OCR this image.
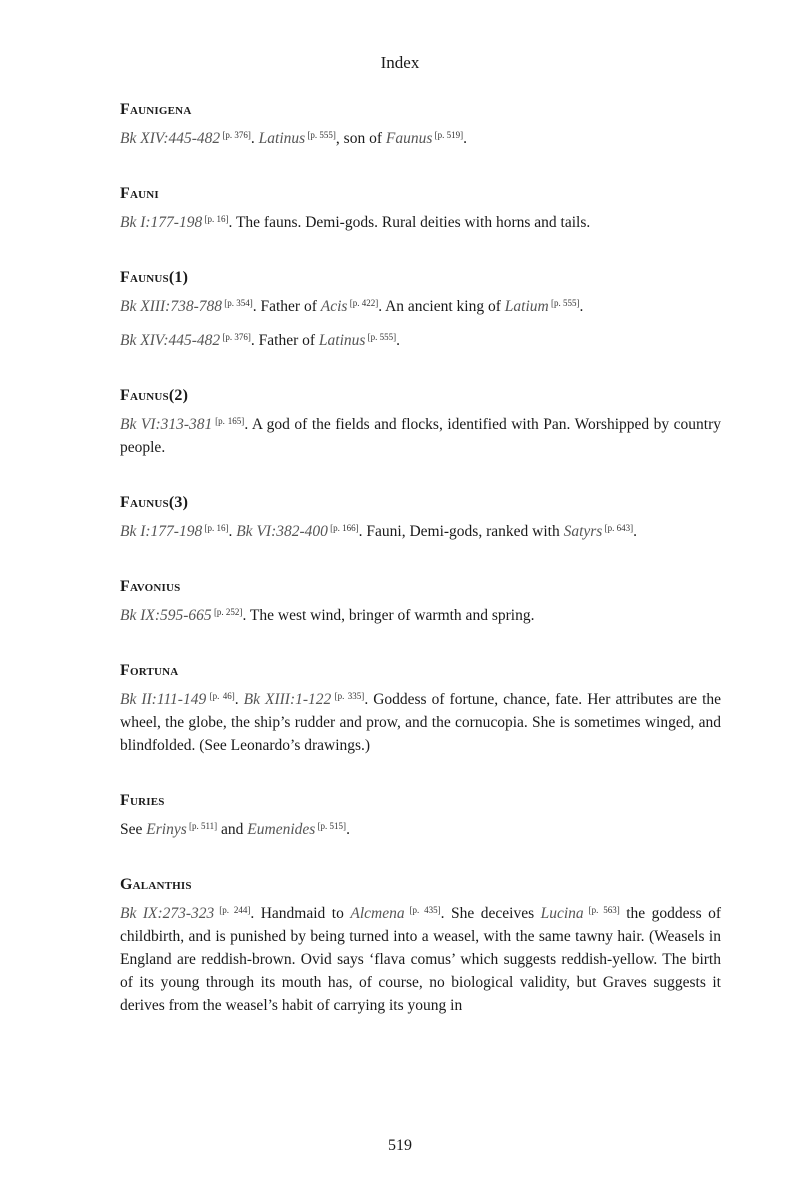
Index
Faunigena

Bk XIV:445-482 [p. 376]. Latinus [p. 555], son of Faunus [p. 519].

Fauni

Bk I:177-198 [p. 16]. The fauns. Demi-gods. Rural deities with horns and tails.

Faunus(1)

Bk XIII:738-788 [p. 354]. Father of Acis [p. 422]. An ancient king of Latium [p. 555].

Bk XIV:445-482 [p. 376]. Father of Latinus [p. 555].

Faunus(2)

Bk VI:313-381 [p. 165]. A god of the fields and flocks, identified with Pan. Worshipped by country people.

Faunus(3)

Bk I:177-198 [p. 16]. Bk VI:382-400 [p. 166]. Fauni, Demi-gods, ranked with Satyrs [p. 643].

Favonius

Bk IX:595-665 [p. 252]. The west wind, bringer of warmth and spring.

Fortuna

Bk II:111-149 [p. 46]. Bk XIII:1-122 [p. 335]. Goddess of fortune, chance, fate. Her attributes are the wheel, the globe, the ship’s rudder and prow, and the cornucopia. She is sometimes winged, and blindfolded. (See Leonardo’s drawings.)

Furies

See Erinys [p. 511] and Eumenides [p. 515].

Galanthis

Bk IX:273-323 [p. 244]. Handmaid to Alcmena [p. 435]. She deceives Lucina [p. 563] the goddess of childbirth, and is punished by being turned into a weasel, with the same tawny hair. (Weasels in England are reddish-brown. Ovid says ‘flava comus’ which suggests reddish-yellow. The birth of its young through its mouth has, of course, no biological validity, but Graves suggests it derives from the weasel’s habit of carrying its young in

519
